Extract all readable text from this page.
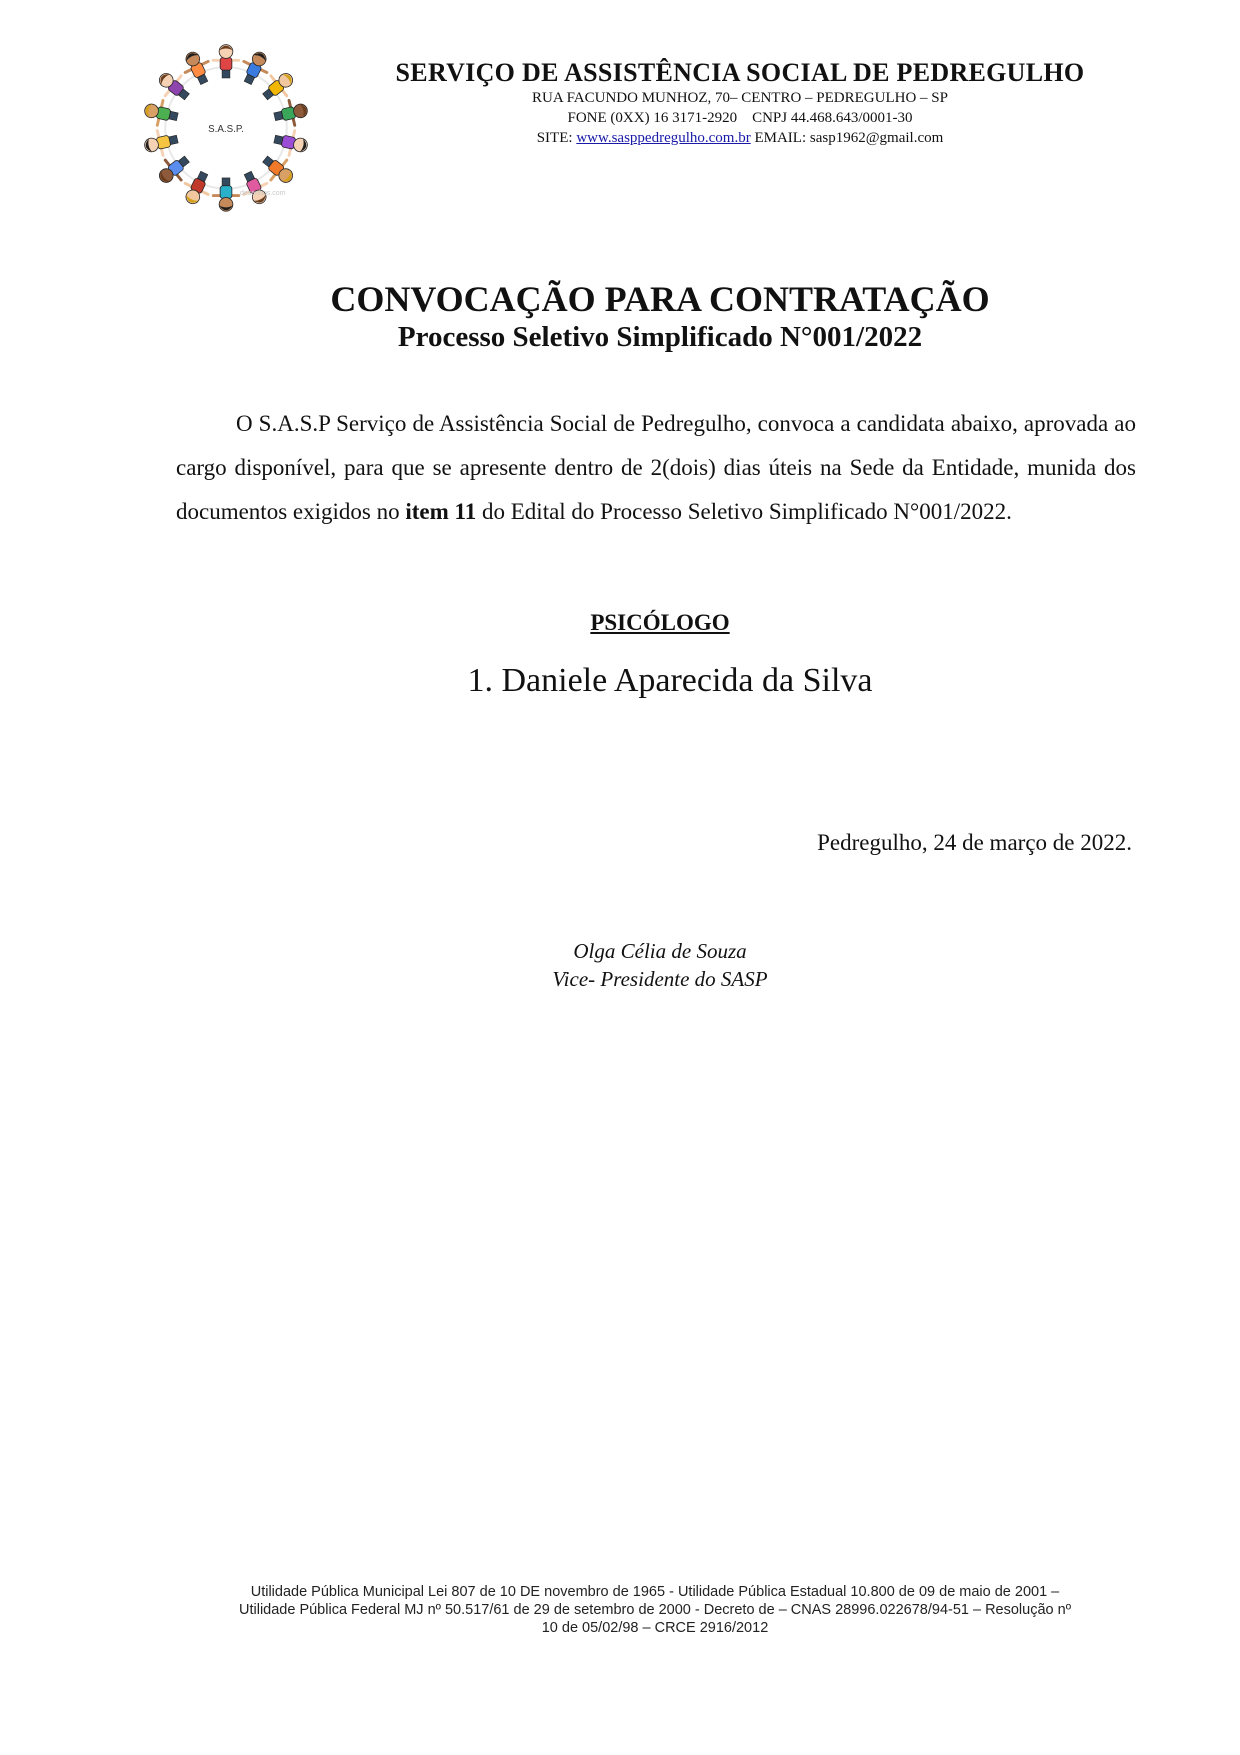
S.A.S.P.
desenhos.com
SERVIÇO DE ASSISTÊNCIA SOCIAL DE PEDREGULHO
RUA FACUNDO MUNHOZ, 70– CENTRO – PEDREGULHO – SP
FONE (0XX) 16 3171-2920    CNPJ 44.468.643/0001-30
SITE: www.sasppedregulho.com.br EMAIL: sasp1962@gmail.com
CONVOCAÇÃO PARA CONTRATAÇÃO
Processo Seletivo Simplificado N°001/2022

O S.A.S.P Serviço de Assistência Social de Pedregulho, convoca a candidata abaixo, aprovada ao cargo disponível, para que se apresente dentro de 2(dois) dias úteis na Sede da Entidade, munida dos documentos exigidos no item 11 do Edital do Processo Seletivo Simplificado N°001/2022.

PSICÓLOGO
1. Daniele Aparecida da Silva
Pedregulho, 24 de março de 2022.
Olga Célia de Souza
Vice- Presidente do SASP
Utilidade Pública Municipal Lei 807 de 10 DE novembro de 1965 - Utilidade Pública Estadual 10.800 de 09 de maio de 2001 –
Utilidade Pública Federal MJ nº 50.517/61 de 29 de setembro de 2000 - Decreto de – CNAS 28996.022678/94-51 – Resolução nº
10 de 05/02/98 – CRCE 2916/2012
